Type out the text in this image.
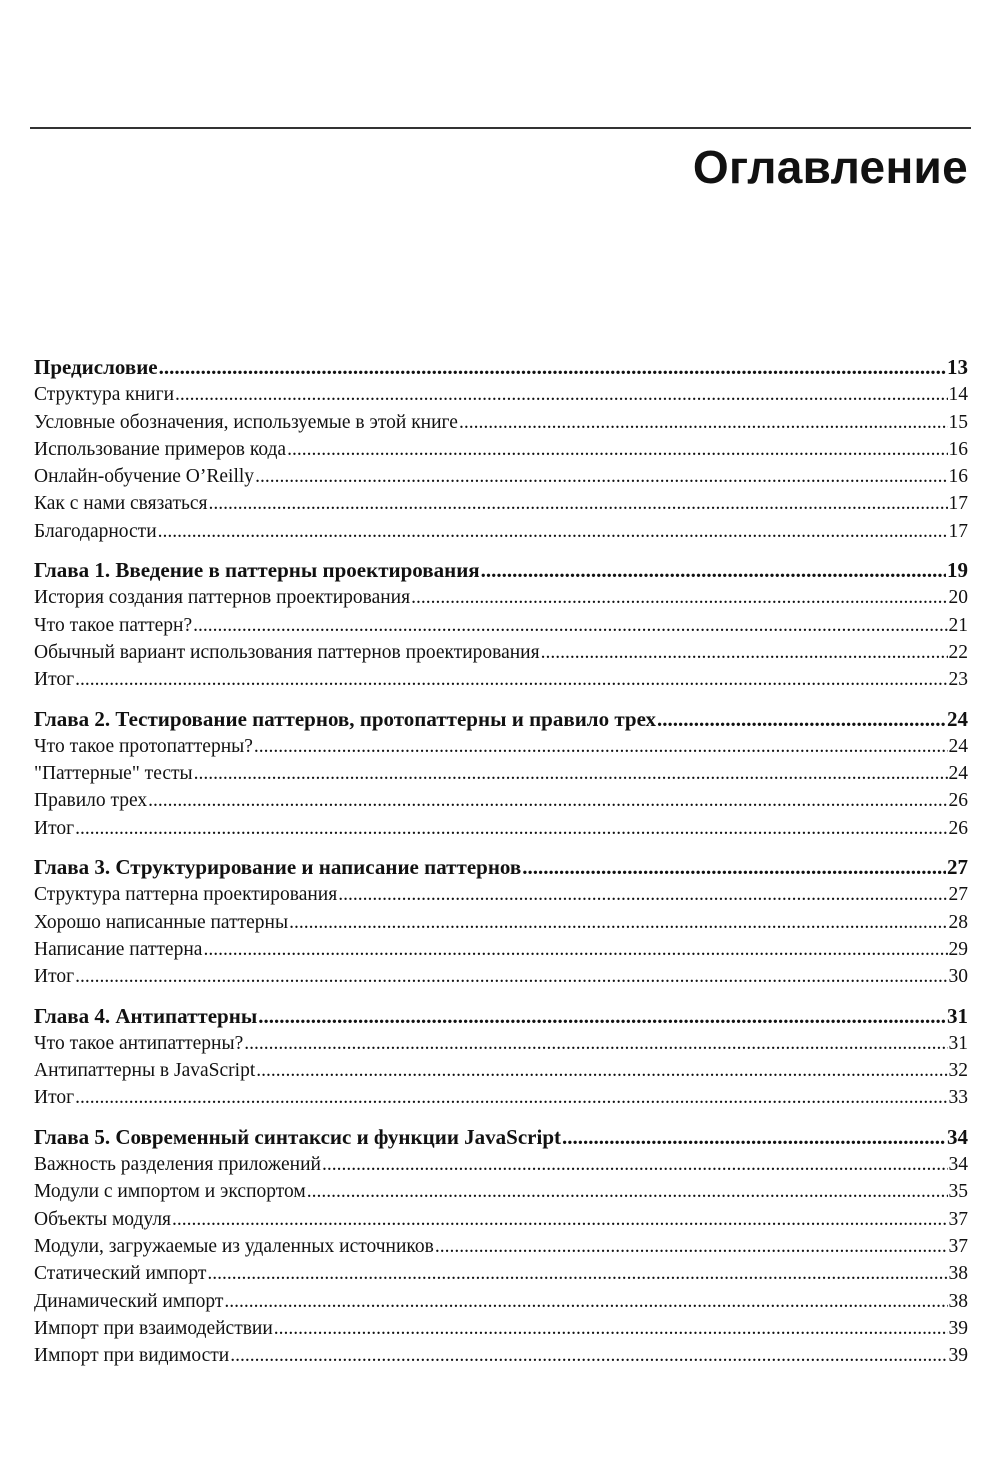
Оглавление
Предисловие .....	13
Структура книги .....	14
Условные обозначения, используемые в этой книге .....	15
Использование примеров кода .....	16
Онлайн-обучение O’Reilly .....	16
Как с нами связаться .....	17
Благодарности .....	17
Глава 1. Введение в паттерны проектирования .....	19
История создания паттернов проектирования .....	20
Что такое паттерн? .....	21
Обычный вариант использования паттернов проектирования .....	22
Итог .....	23
Глава 2. Тестирование паттернов, протопаттерны и правило трех .....	24
Что такое протопаттерны? .....	24
"Паттерные" тесты .....	24
Правило трех .....	26
Итог .....	26
Глава 3. Структурирование и написание паттернов .....	27
Структура паттерна проектирования .....	27
Хорошо написанные паттерны .....	28
Написание паттерна .....	29
Итог .....	30
Глава 4. Антипаттерны .....	31
Что такое антипаттерны? .....	31
Антипаттерны в JavaScript .....	32
Итог .....	33
Глава 5. Современный синтаксис и функции JavaScript .....	34
Важность разделения приложений .....	34
Модули с импортом и экспортом .....	35
Объекты модуля .....	37
Модули, загружаемые из удаленных источников .....	37
Статический импорт .....	38
Динамический импорт .....	38
Импорт при взаимодействии .....	39
Импорт при видимости .....	39
